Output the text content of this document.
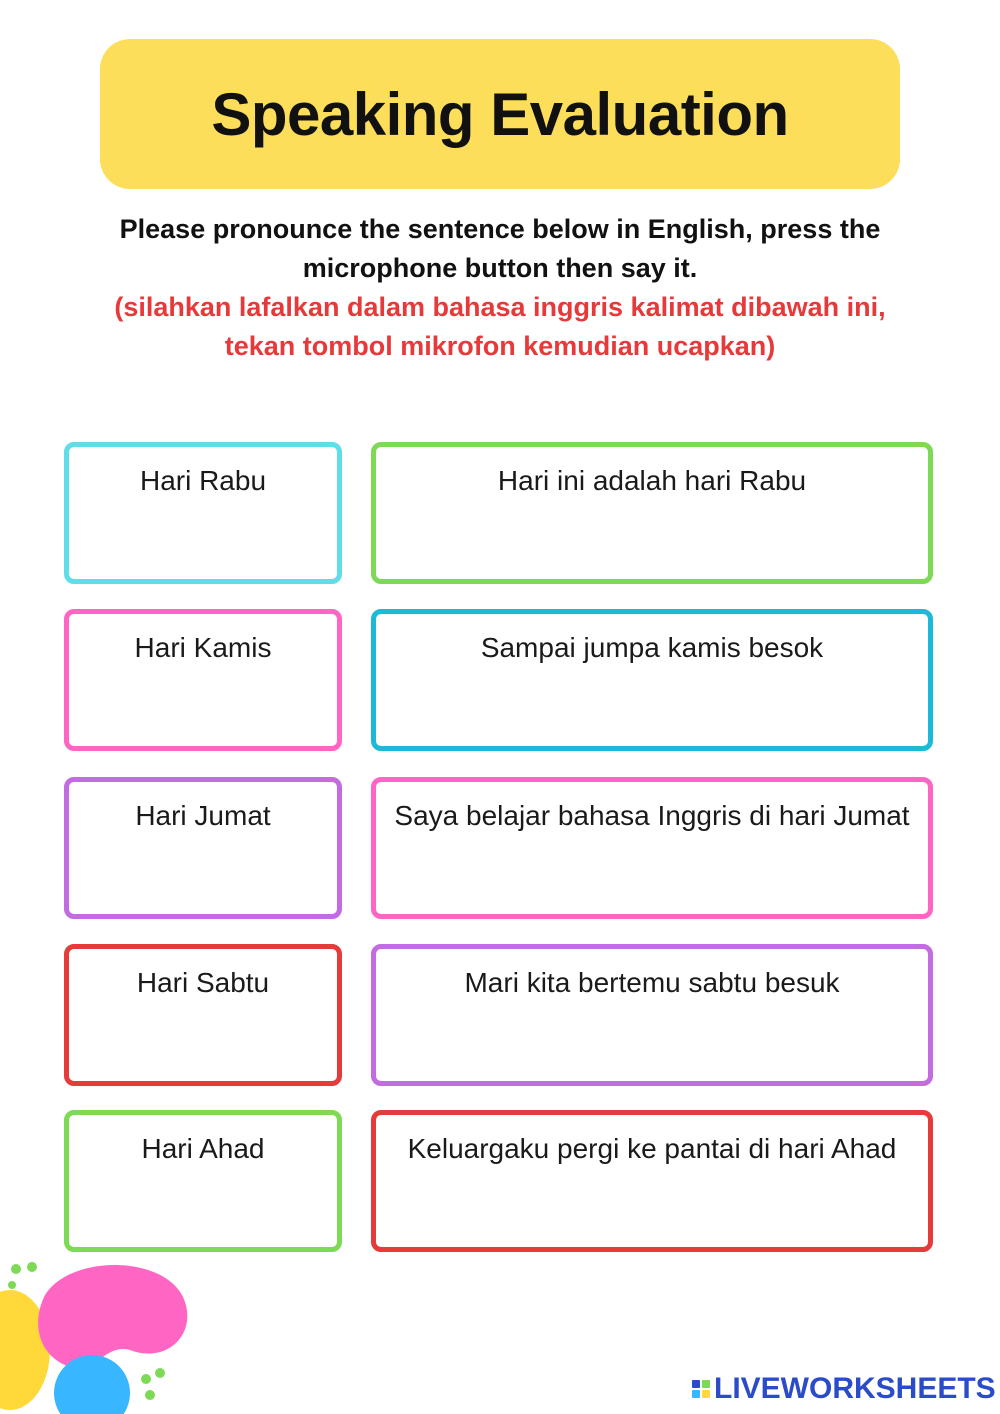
Speaking Evaluation
Please pronounce the sentence below in English, press the microphone button then say it.
(silahkan lafalkan dalam bahasa inggris kalimat dibawah ini, tekan tombol mikrofon kemudian ucapkan)
Hari Rabu	Hari ini adalah hari Rabu
Hari Kamis	Sampai jumpa kamis besok
Hari Jumat	Saya belajar bahasa Inggris di hari Jumat
Hari Sabtu	Mari kita bertemu sabtu besuk
Hari Ahad	Keluargaku pergi ke pantai di hari Ahad
LIVEWORKSHEETS
